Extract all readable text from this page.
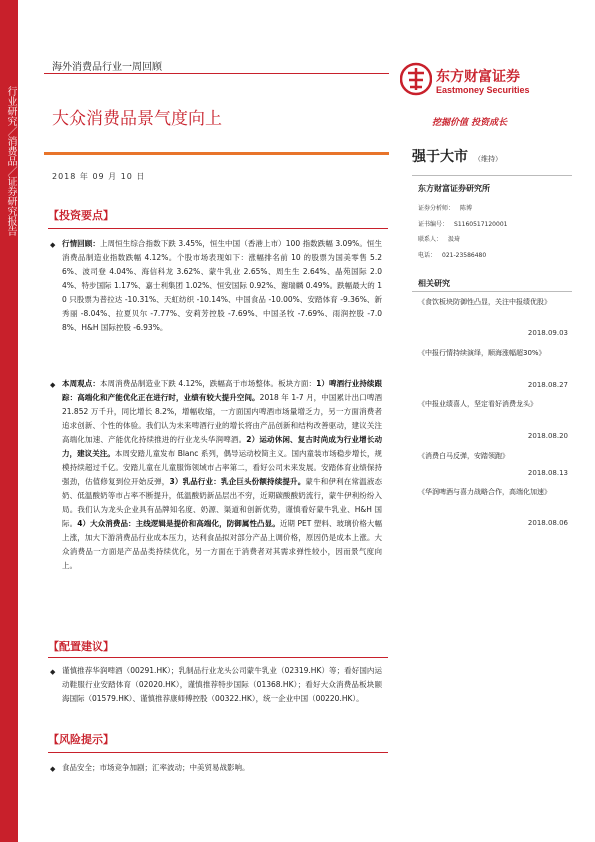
行业研究／消费品／证券研究报告
海外消费品行业一周回顾
大众消费品景气度向上
2018 年 09 月 10 日
东方财富证券
Eastmoney Securities
挖掘价值 投资成长
强于大市 （维持）
东方财富证券研究所
证券分析师： 陈博
证书编号： S1160517120001
联系人： 汲琦
电话： 021-23586480
相关研究
《食饮板块防御性凸显，关注中报绩优股》
2018.09.03
《中报行情持续演绎，顺海涨幅超30%》
2018.08.27
《中报业绩喜人，坚定看好消费龙头》
2018.08.20
《消费白马反弹，安踏领跑》
2018.08.13
《华润啤酒与喜力战略合作，高端化加速》
2018.08.06
【投资要点】
◆ 行情回顾：上周恒生综合指数下跌 3.45%，恒生中国（香港上市）100 指数跌幅 3.09%。恒生消费品制造业指数跌幅 4.12%。个股市场表现如下：涨幅排名前 10 的股票为国美零售 5.26%、波司登 4.04%、海信科龙 3.62%、蒙牛乳业 2.65%、周生生 2.64%、晶苑国际 2.04%、特步国际 1.17%、嘉士利集团 1.02%、恒安国际 0.92%、谢瑞麟 0.49%。跌幅最大的 10 只股票为普拉达 -10.31%、天虹纺织 -10.14%、中国食品 -10.00%、安踏体育 -9.36%、新秀丽 -8.04%、拉夏贝尔 -7.77%、安莉芳控股 -7.69%、中国圣牧 -7.69%、雨润控股 -7.08%、H&H 国际控股 -6.93%。
◆ 本周观点：本周消费品制造业下跌 4.12%，跌幅高于市场整体。板块方面：1）啤酒行业持续跟踪：高端化和产能优化正在进行时，业绩有较大提升空间。2018 年 1-7 月，中国累计出口啤酒 21.852 万千升，同比增长 8.2%，增幅收缩，一方面国内啤酒市场量增乏力，另一方面消费者追求创新、个性的体验。我们认为未来啤酒行业的增长将由产品创新和结构改善驱动，建议关注高端化加速、产能优化持续推进的行业龙头华润啤酒。2）运动休闲、复古时尚成为行业增长动力，建议关注。本周安踏儿童发布 Blanc 系列，偶导运动校简主义。国内童装市场稳步增长，规模持续超过千亿。安踏儿童在儿童服饰领域市占率第二，看好公司未来发展。安踏体育业绩保持强劲，估值修复到位开始反弹，3）乳品行业：乳企巨头份额持续提升。蒙牛和伊利在常温液态奶、低温酸奶等市占率不断提升，低温酸奶新品层出不穷，近期碳酸酸奶流行，蒙牛伊利纷纷入局。我们认为龙头企业具有品牌知名度、奶源、渠道和创新优势，谨慎看好蒙牛乳业、H&H 国际。4）大众消费品：主线逻辑是提价和高端化，防御属性凸显。近期 PET 塑料、玻璃价格大幅上涨，加大下游消费品行业成本压力，达利食品拟对部分产品上调价格，原因仍是成本上涨。大众消费品一方面是产品品类持续优化，另一方面在于消费者对其需求弹性较小，因而景气度向上。
【配置建议】
◆ 谨慎推荐华润啤酒（00291.HK）；乳制品行业龙头公司蒙牛乳业（02319.HK）等；看好国内运动鞋服行业安踏体育（02020.HK），谨慎推荐特步国际（01368.HK）；看好大众消费品板块颐海国际（01579.HK）、谨慎推荐康师傅控股（00322.HK），统一企业中国（00220.HK）。
【风险提示】
◆ 食品安全；市场竞争加剧；汇率波动；中美贸易战影响。
